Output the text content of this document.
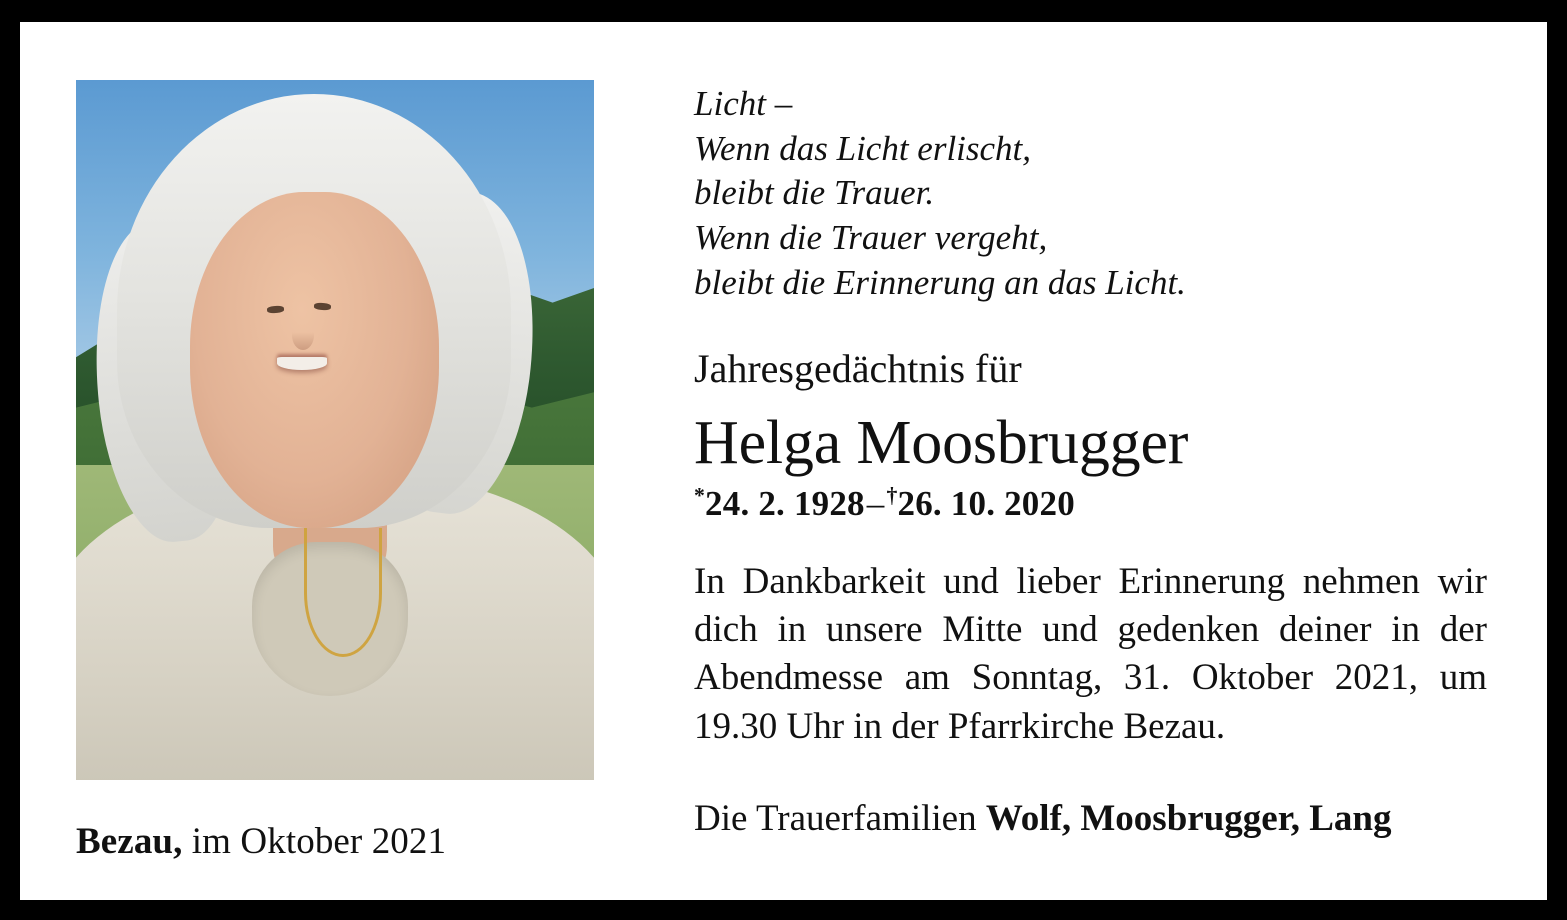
Bezau, im Oktober 2021
Licht –
Wenn das Licht erlischt,
bleibt die Trauer.
Wenn die Trauer vergeht,
bleibt die Erinnerung an das Licht.
Jahresgedächtnis für
Helga Moosbrugger
*24. 2. 1928–†26. 10. 2020
In Dankbarkeit und lieber Erinnerung nehmen wir dich in unsere Mitte und gedenken deiner in der Abendmesse am Sonntag, 31. Oktober 2021, um 19.30 Uhr in der Pfarrkirche Bezau.
Die Trauerfamilien Wolf, Moosbrugger, Lang
